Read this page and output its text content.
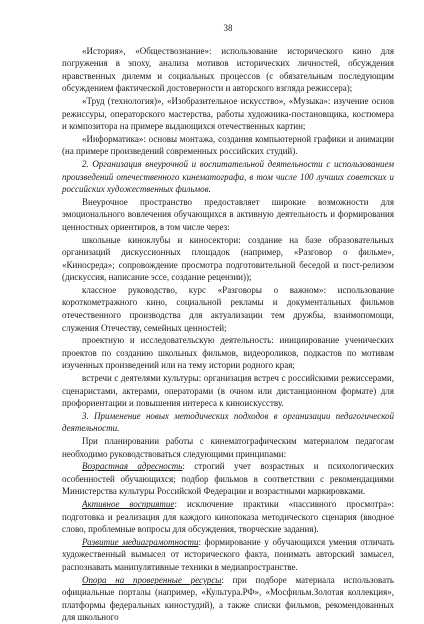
38

«История», «Обществознание»: использование исторического кино для погружения в эпоху, анализа мотивов исторических личностей, обсуждения нравственных дилемм и социальных процессов (с обязательным последующим обсуждением фактической достоверности и авторского взгляда режиссера);

«Труд (технология)», «Изобразительное искусство», «Музыка»: изучение основ режиссуры, операторского мастерства, работы художника-постановщика, костюмера и композитора на примере выдающихся отечественных картин;

«Информатика»: основы монтажа, создания компьютерной графики и анимации (на примере произведений современных российских студий).

2. Организация внеурочной и воспитательной деятельности с использованием произведений отечественного кинематографа, в том числе 100 лучших советских и российских художественных фильмов.

Внеурочное пространство предоставляет широкие возможности для эмоционального вовлечения обучающихся в активную деятельность и формирования ценностных ориентиров, в том числе через:

школьные киноклубы и киносектори: создание на базе образовательных организаций дискуссионных площадок (например, «Разговор о фильме», «Киносреда»; сопровождение просмотра подготовительной беседой и пост-релизом (дискуссия, написание эссе, создание рецензии));

классное руководство, курс «Разговоры о важном»: использование короткометражного кино, социальной рекламы и документальных фильмов отечественного производства для актуализации тем дружбы, взаимопомощи, служения Отечеству, семейных ценностей;

проектную и исследовательскую деятельность: инициирование ученических проектов по созданию школьных фильмов, видеороликов, подкастов по мотивам изученных произведений или на тему истории родного края;

встречи с деятелями культуры: организация встреч с российскими режиссерами, сценаристами, актерами, операторами (в очном или дистанционном формате) для профориентации и повышения интереса к киноискусству.

3. Применение новых методических подходов в организации педагогической деятельности.

При планировании работы с кинематографическим материалом педагогам необходимо руководствоваться следующими принципами:

Возрастная адресность: строгий учет возрастных и психологических особенностей обучающихся; подбор фильмов в соответствии с рекомендациями Министерства культуры Российской Федерации и возрастными маркировками.

Активное восприятие: исключение практики «пассивного просмотра»: подготовка и реализация для каждого кинопоказа методического сценария (вводное слово, проблемные вопросы для обсуждения, творческие задания).

Развитие медиаграмотности: формирование у обучающихся умения отличать художественный вымысел от исторического факта, понимать авторский замысел, распознавать манипулятивные техники в медиапространстве.

Опора на проверенные ресурсы: при подборе материала использовать официальные порталы (например, «Культура.РФ», «Мосфильм.Золотая коллекция», платформы федеральных киностудий), а также списки фильмов, рекомендованных для школьного
